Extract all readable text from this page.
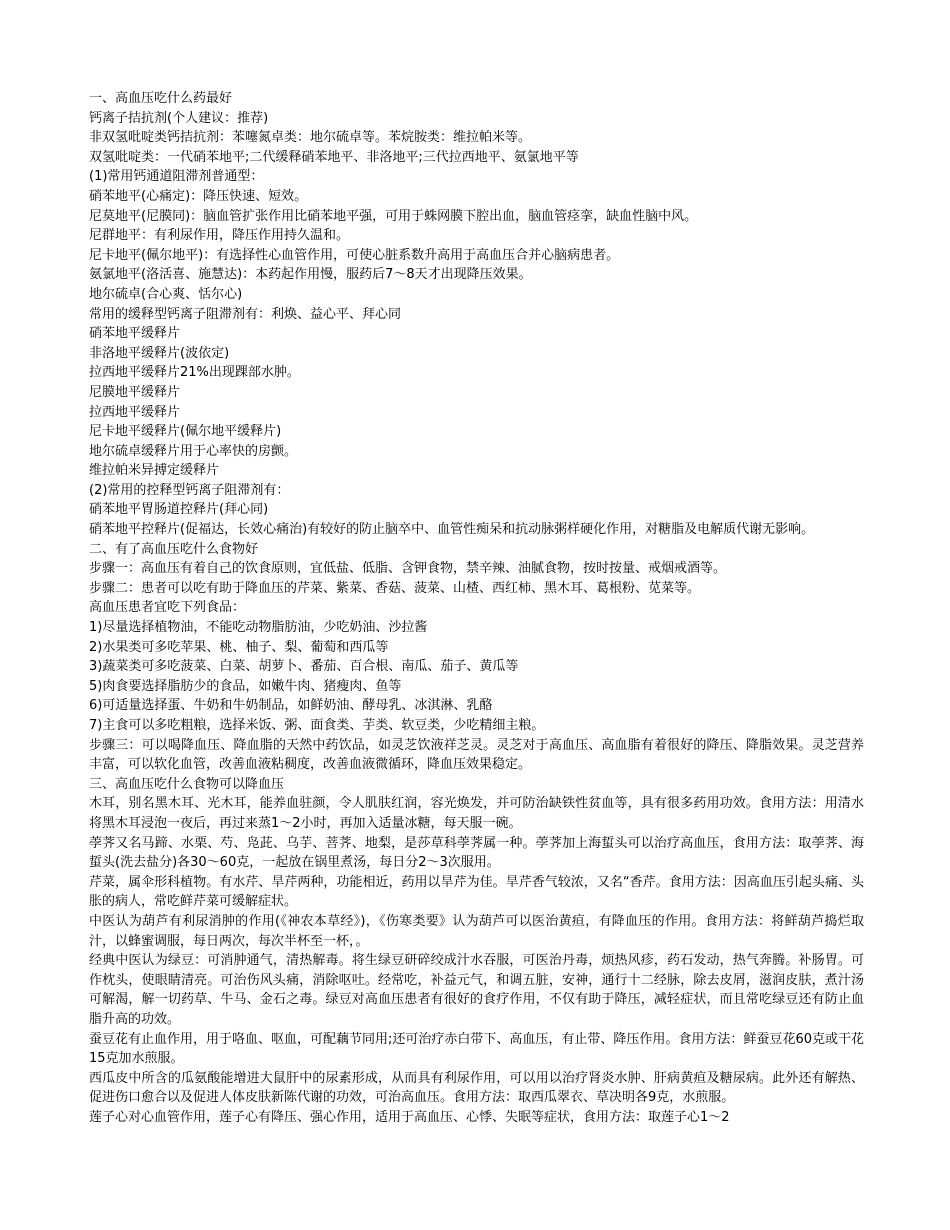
一、高血压吃什么药最好

钙离子拮抗剂(个人建议：推荐)

非双氢吡啶类钙拮抗剂：苯噻氮卓类：地尔硫卓等。苯烷胺类：维拉帕米等。

双氢吡啶类：一代硝苯地平;二代缓释硝苯地平、非洛地平;三代拉西地平、氨氯地平等

(1)常用钙通道阻滞剂普通型：

硝苯地平(心痛定)：降压快速、短效。

尼莫地平(尼膜同)：脑血管扩张作用比硝苯地平强，可用于蛛网膜下腔出血，脑血管痉挛，缺血性脑中风。

尼群地平：有利尿作用，降压作用持久温和。

尼卡地平(佩尔地平)：有选择性心血管作用，可使心脏系数升高用于高血压合并心脑病患者。

氨氯地平(洛活喜、施慧达)：本药起作用慢，服药后7～8天才出现降压效果。

地尔硫卓(合心爽、恬尔心)

常用的缓释型钙离子阻滞剂有：利焕、益心平、拜心同

硝苯地平缓释片

非洛地平缓释片(波依定)

拉西地平缓释片21%出现踝部水肿。

尼膜地平缓释片

拉西地平缓释片

尼卡地平缓释片(佩尔地平缓释片)

地尔硫卓缓释片用于心率快的房颤。

维拉帕米异搏定缓释片

(2)常用的控释型钙离子阻滞剂有：

硝苯地平胃肠道控释片(拜心同)

硝苯地平控释片(促福达，长效心痛治)有较好的防止脑卒中、血管性痴呆和抗动脉粥样硬化作用，对糖脂及电解质代谢无影响。

二、有了高血压吃什么食物好

步骤一：高血压有着自己的饮食原则，宜低盐、低脂、含钾食物，禁辛辣、油腻食物，按时按量、戒烟戒酒等。

步骤二：患者可以吃有助于降血压的芹菜、紫菜、香菇、菠菜、山楂、西红柿、黑木耳、葛根粉、苋菜等。

高血压患者宜吃下列食品：

1)尽量选择植物油，不能吃动物脂肪油，少吃奶油、沙拉酱

2)水果类可多吃苹果、桃、柚子、梨、葡萄和西瓜等

3)蔬菜类可多吃菠菜、白菜、胡萝卜、番茄、百合根、南瓜、茄子、黄瓜等

5)肉食要选择脂肪少的食品，如嫩牛肉、猪瘦肉、鱼等

6)可适量选择蛋、牛奶和牛奶制品，如鲜奶油、酵母乳、冰淇淋、乳酪

7)主食可以多吃粗粮，选择米饭、粥、面食类、芋类、软豆类，少吃精细主粮。

步骤三：可以喝降血压、降血脂的天然中药饮品，如灵芝饮液祥芝灵。灵芝对于高血压、高血脂有着很好的降压、降脂效果。灵芝营养丰富，可以软化血管，改善血液粘稠度，改善血液微循环，降血压效果稳定。

三、高血压吃什么食物可以降血压

木耳，别名黑木耳、光木耳，能养血驻颜，令人肌肤红润，容光焕发，并可防治缺铁性贫血等，具有很多药用功效。食用方法：用清水将黑木耳浸泡一夜后，再过来蒸1～2小时，再加入适量冰糖，每天服一碗。

荸荠又名马蹄、水栗、芍、凫茈、乌芋、菩荠、地梨，是莎草科荸荠属一种。荸荠加上海蜇头可以治疗高血压，食用方法：取荸荠、海蜇头(洗去盐分)各30～60克，一起放在锅里煮汤，每日分2～3次服用。

芹菜，属伞形科植物。有水芹、旱芹两种，功能相近，药用以旱芹为佳。旱芹香气较浓，又名“香芹。食用方法：因高血压引起头痛、头胀的病人，常吃鲜芹菜可缓解症状。

中医认为葫芦有利尿消肿的作用(《神农本草经》)，《伤寒类要》认为葫芦可以医治黄疸，有降血压的作用。食用方法：将鲜葫芦捣烂取汁，以蜂蜜调服，每日两次，每次半杯至一杯，。

经典中医认为绿豆：可消肿通气，清热解毒。将生绿豆研碎绞成汁水吞服，可医治丹毒，烦热风疹，药石发动，热气奔腾。补肠胃。可作枕头，使眼睛清亮。可治伤风头痛，消除呕吐。经常吃，补益元气，和调五脏，安神，通行十二经脉，除去皮屑，滋润皮肤，煮汁汤可解渴，解一切药草、牛马、金石之毒。绿豆对高血压患者有很好的食疗作用，不仅有助于降压，减轻症状，而且常吃绿豆还有防止血脂升高的功效。

蚕豆花有止血作用，用于咯血、呕血，可配藕节同用;还可治疗赤白带下、高血压，有止带、降压作用。食用方法：鲜蚕豆花60克或干花15克加水煎服。

西瓜皮中所含的瓜氨酸能增进大鼠肝中的尿素形成，从而具有利尿作用，可以用以治疗肾炎水肿、肝病黄疸及糖尿病。此外还有解热、促进伤口愈合以及促进人体皮肤新陈代谢的功效，可治高血压。食用方法：取西瓜翠衣、草决明各9克，水煎服。

莲子心对心血管作用，莲子心有降压、强心作用，适用于高血压、心悸、失眠等症状，食用方法：取莲子心1～2
